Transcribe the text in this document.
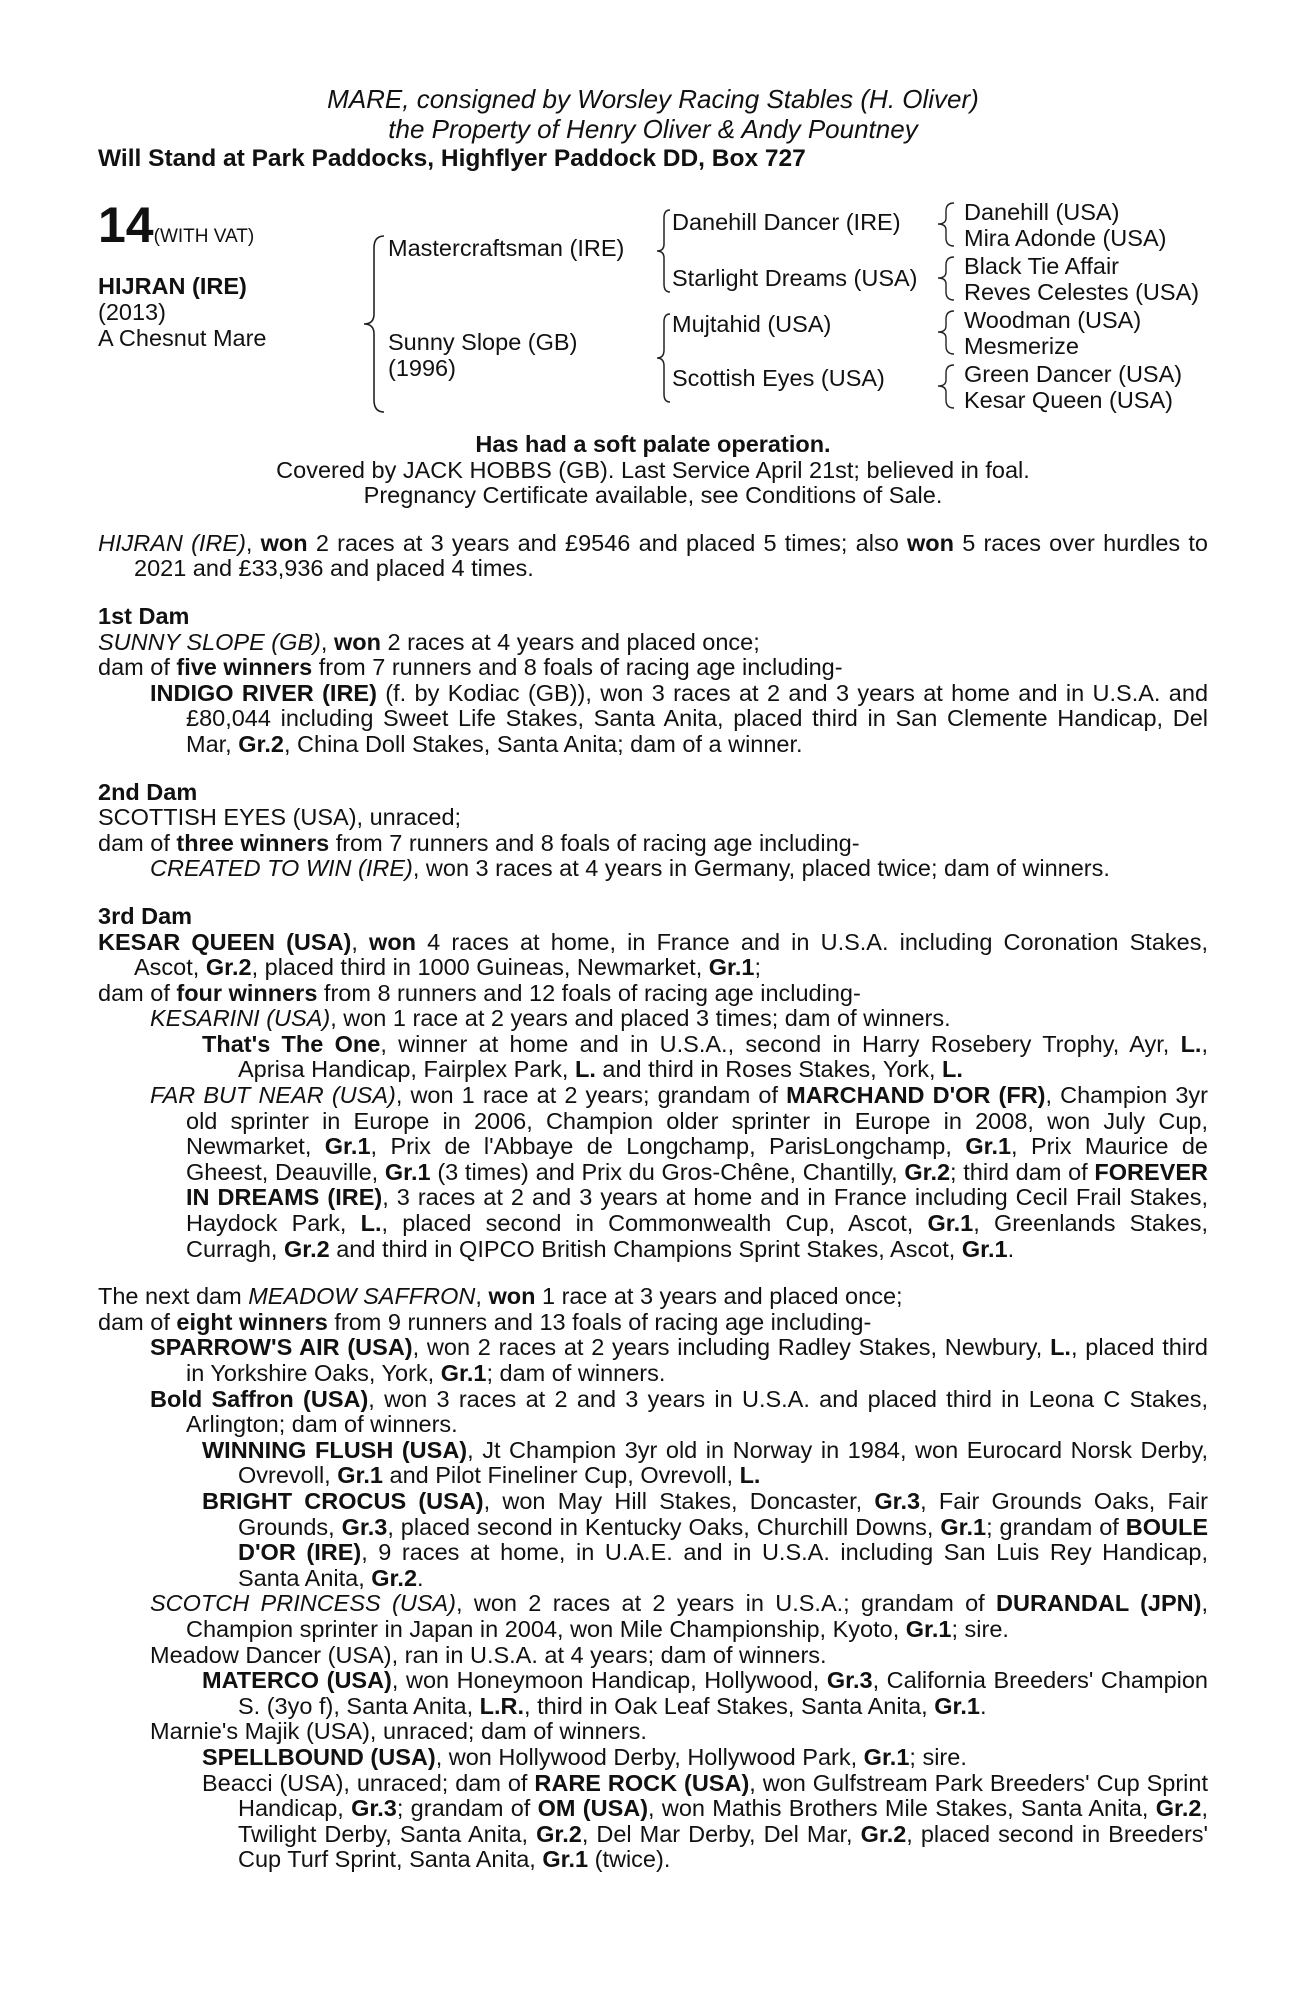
MARE, consigned by Worsley Racing Stables (H. Oliver)
the Property of Henry Oliver & Andy Pountney
Will Stand at Park Paddocks, Highflyer Paddock DD, Box 727
14(WITH VAT)
HIJRAN (IRE)
(2013)
A Chesnut Mare
Mastercraftsman (IRE)
Sunny Slope (GB)
(1996)
Danehill Dancer (IRE)
Starlight Dreams (USA)
Mujtahid (USA)
Scottish Eyes (USA)
Danehill (USA)
Mira Adonde (USA)
Black Tie Affair
Reves Celestes (USA)
Woodman (USA)
Mesmerize
Green Dancer (USA)
Kesar Queen (USA)
Has had a soft palate operation.
Covered by JACK HOBBS (GB). Last Service April 21st; believed in foal.
Pregnancy Certificate available, see Conditions of Sale.
HIJRAN (IRE), won 2 races at 3 years and £9546 and placed 5 times; also won 5 races over hurdles to 2021 and £33,936 and placed 4 times.
1st Dam
SUNNY SLOPE (GB), won 2 races at 4 years and placed once;
dam of five winners from 7 runners and 8 foals of racing age including-
INDIGO RIVER (IRE) (f. by Kodiac (GB)), won 3 races at 2 and 3 years at home and in U.S.A. and £80,044 including Sweet Life Stakes, Santa Anita, placed third in San Clemente Handicap, Del Mar, Gr.2, China Doll Stakes, Santa Anita; dam of a winner.
2nd Dam
SCOTTISH EYES (USA), unraced;
dam of three winners from 7 runners and 8 foals of racing age including-
CREATED TO WIN (IRE), won 3 races at 4 years in Germany, placed twice; dam of winners.
3rd Dam
KESAR QUEEN (USA), won 4 races at home, in France and in U.S.A. including Coronation Stakes, Ascot, Gr.2, placed third in 1000 Guineas, Newmarket, Gr.1;
dam of four winners from 8 runners and 12 foals of racing age including-
KESARINI (USA), won 1 race at 2 years and placed 3 times; dam of winners.
That's The One, winner at home and in U.S.A., second in Harry Rosebery Trophy, Ayr, L., Aprisa Handicap, Fairplex Park, L. and third in Roses Stakes, York, L.
FAR BUT NEAR (USA), won 1 race at 2 years; grandam of MARCHAND D'OR (FR), Champion 3yr old sprinter in Europe in 2006, Champion older sprinter in Europe in 2008, won July Cup, Newmarket, Gr.1, Prix de l'Abbaye de Longchamp, ParisLongchamp, Gr.1, Prix Maurice de Gheest, Deauville, Gr.1 (3 times) and Prix du Gros-Chêne, Chantilly, Gr.2; third dam of FOREVER IN DREAMS (IRE), 3 races at 2 and 3 years at home and in France including Cecil Frail Stakes, Haydock Park, L., placed second in Commonwealth Cup, Ascot, Gr.1, Greenlands Stakes, Curragh, Gr.2 and third in QIPCO British Champions Sprint Stakes, Ascot, Gr.1.
The next dam MEADOW SAFFRON, won 1 race at 3 years and placed once;
dam of eight winners from 9 runners and 13 foals of racing age including-
SPARROW'S AIR (USA), won 2 races at 2 years including Radley Stakes, Newbury, L., placed third in Yorkshire Oaks, York, Gr.1; dam of winners.
Bold Saffron (USA), won 3 races at 2 and 3 years in U.S.A. and placed third in Leona C Stakes, Arlington; dam of winners.
WINNING FLUSH (USA), Jt Champion 3yr old in Norway in 1984, won Eurocard Norsk Derby, Ovrevoll, Gr.1 and Pilot Fineliner Cup, Ovrevoll, L.
BRIGHT CROCUS (USA), won May Hill Stakes, Doncaster, Gr.3, Fair Grounds Oaks, Fair Grounds, Gr.3, placed second in Kentucky Oaks, Churchill Downs, Gr.1; grandam of BOULE D'OR (IRE), 9 races at home, in U.A.E. and in U.S.A. including San Luis Rey Handicap, Santa Anita, Gr.2.
SCOTCH PRINCESS (USA), won 2 races at 2 years in U.S.A.; grandam of DURANDAL (JPN), Champion sprinter in Japan in 2004, won Mile Championship, Kyoto, Gr.1; sire.
Meadow Dancer (USA), ran in U.S.A. at 4 years; dam of winners.
MATERCO (USA), won Honeymoon Handicap, Hollywood, Gr.3, California Breeders' Champion S. (3yo f), Santa Anita, L.R., third in Oak Leaf Stakes, Santa Anita, Gr.1.
Marnie's Majik (USA), unraced; dam of winners.
SPELLBOUND (USA), won Hollywood Derby, Hollywood Park, Gr.1; sire.
Beacci (USA), unraced; dam of RARE ROCK (USA), won Gulfstream Park Breeders' Cup Sprint Handicap, Gr.3; grandam of OM (USA), won Mathis Brothers Mile Stakes, Santa Anita, Gr.2, Twilight Derby, Santa Anita, Gr.2, Del Mar Derby, Del Mar, Gr.2, placed second in Breeders' Cup Turf Sprint, Santa Anita, Gr.1 (twice).
